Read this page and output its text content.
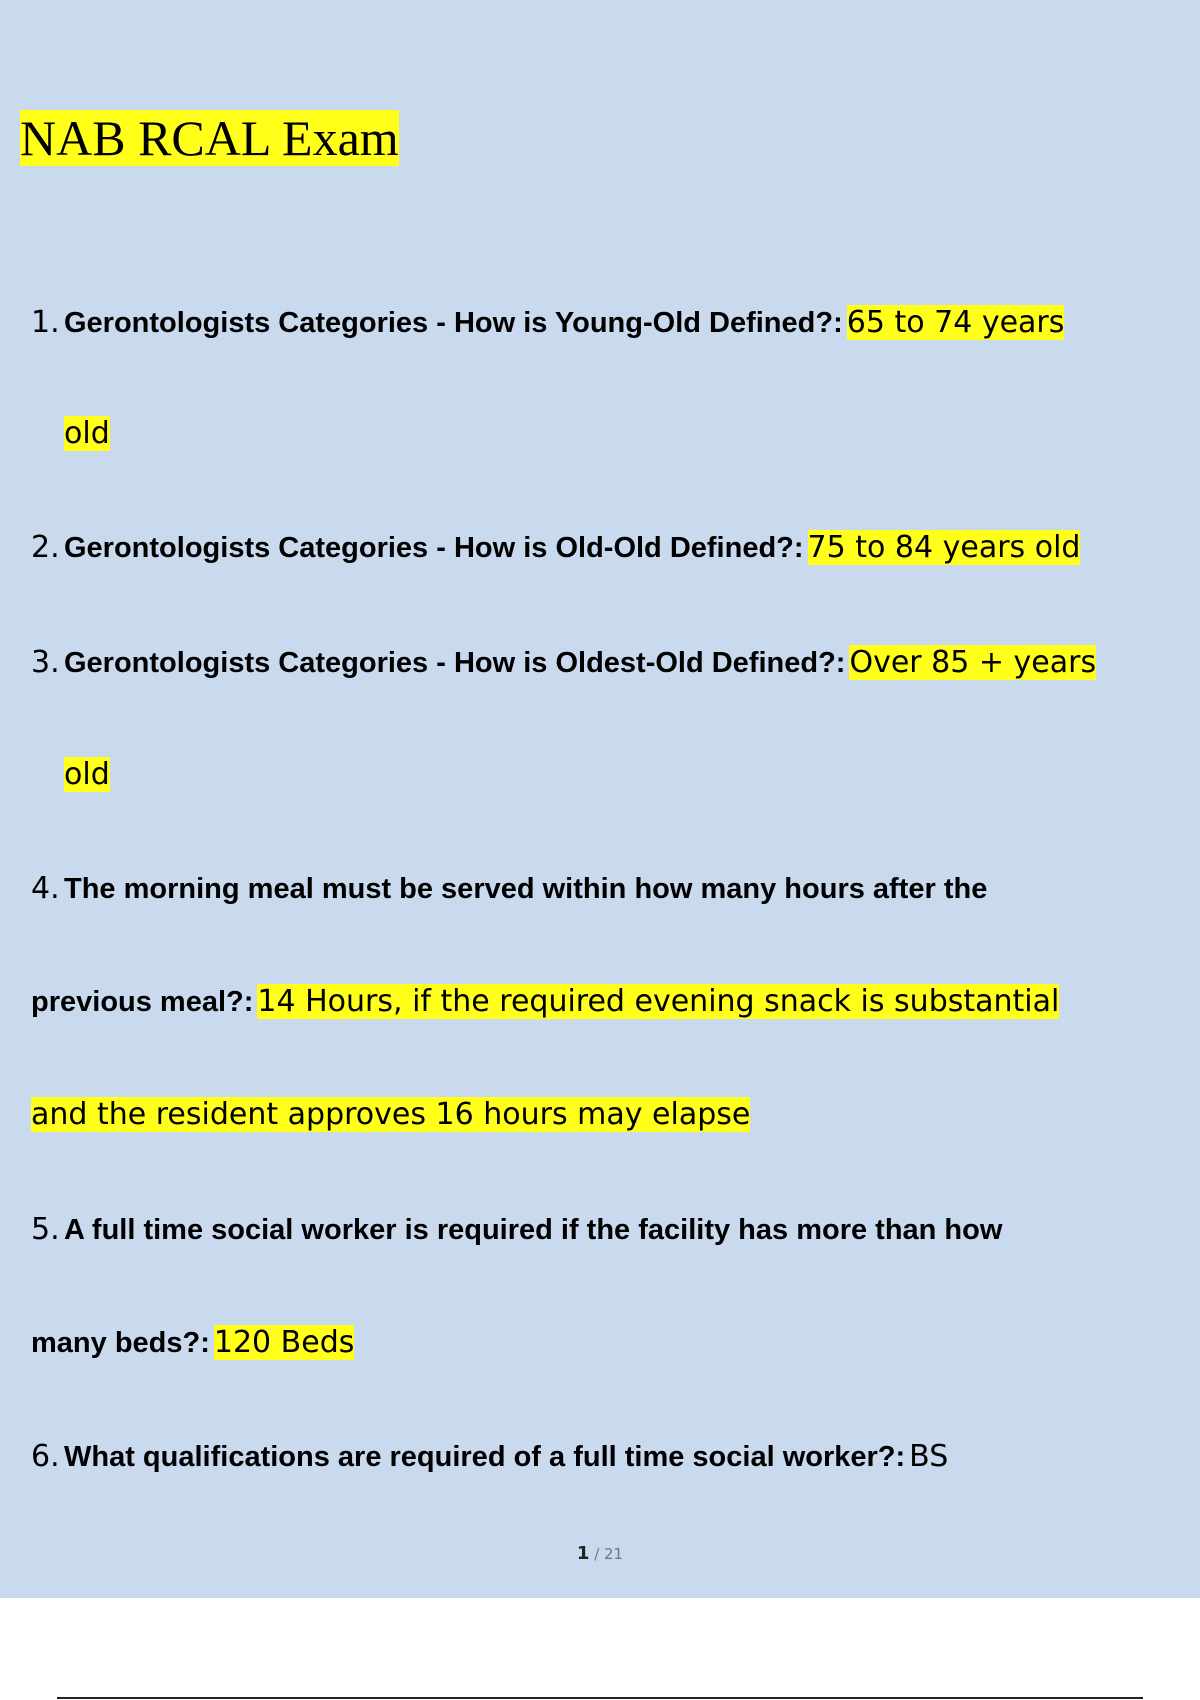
NAB RCAL Exam
1. Gerontologists Categories - How is Young-Old Defined?: 65 to 74 years
old
2. Gerontologists Categories - How is Old-Old Defined?: 75 to 84 years old
3. Gerontologists Categories - How is Oldest-Old Defined?: Over 85 + years
old
4. The morning meal must be served within how many hours after the
previous meal?: 14 Hours, if the required evening snack is substantial
and the resident approves 16 hours may elapse
5. A full time social worker is required if the facility has more than how
many beds?: 120 Beds
6. What qualifications are required of a full time social worker?: BS
1 / 21
